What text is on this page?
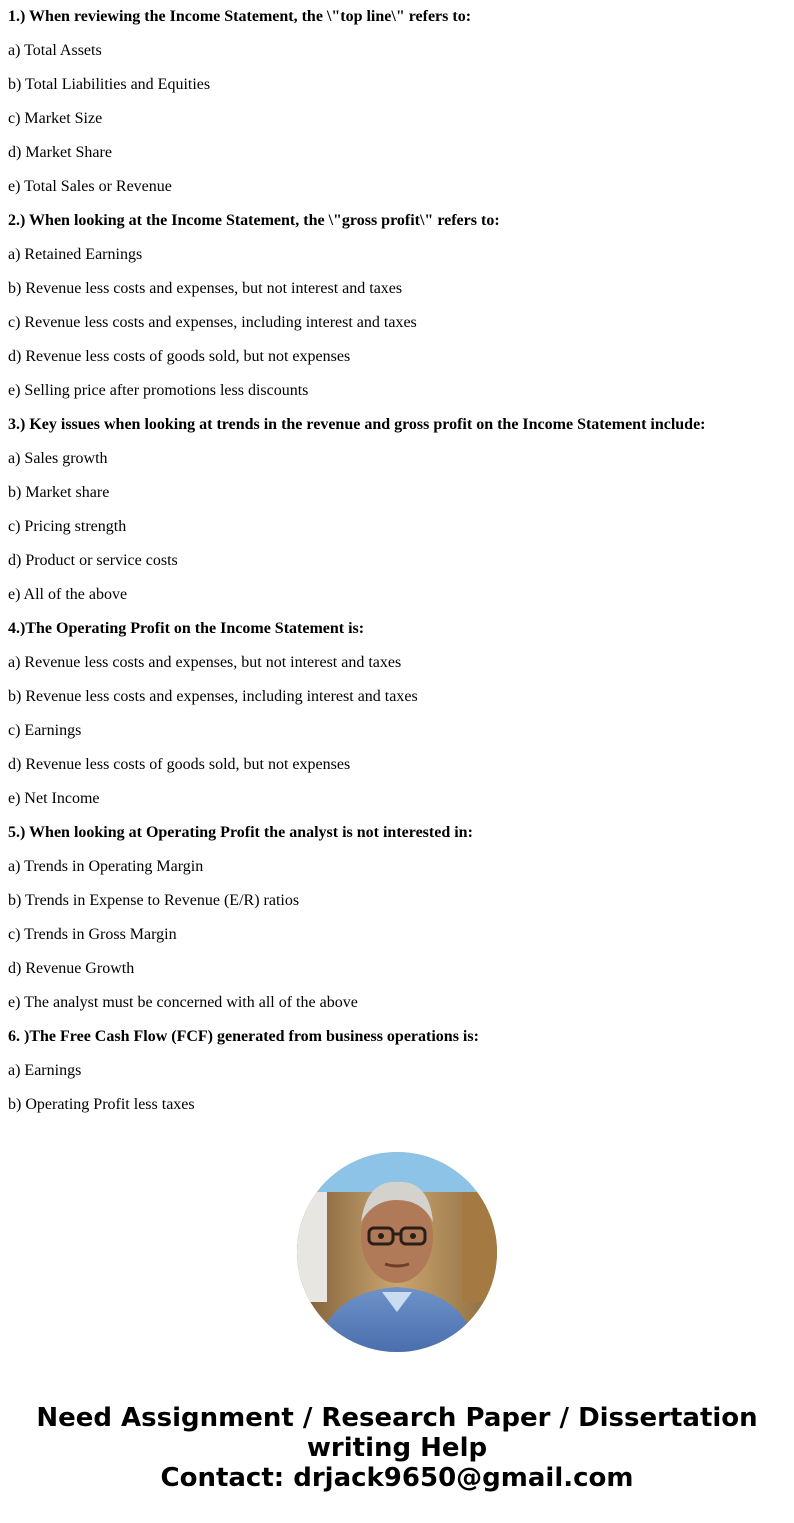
1.) When reviewing the Income Statement, the \"top line\" refers to:
a) Total Assets
b) Total Liabilities and Equities
c) Market Size
d) Market Share
e) Total Sales or Revenue
2.) When looking at the Income Statement, the \"gross profit\" refers to:
a) Retained Earnings
b) Revenue less costs and expenses, but not interest and taxes
c) Revenue less costs and expenses, including interest and taxes
d) Revenue less costs of goods sold, but not expenses
e) Selling price after promotions less discounts
3.) Key issues when looking at trends in the revenue and gross profit on the Income Statement include:
a) Sales growth
b) Market share
c) Pricing strength
d) Product or service costs
e) All of the above
4.)The Operating Profit on the Income Statement is:
a) Revenue less costs and expenses, but not interest and taxes
b) Revenue less costs and expenses, including interest and taxes
c) Earnings
d) Revenue less costs of goods sold, but not expenses
e) Net Income
5.) When looking at Operating Profit the analyst is not interested in:
a) Trends in Operating Margin
b) Trends in Expense to Revenue (E/R) ratios
c) Trends in Gross Margin
d) Revenue Growth
e) The analyst must be concerned with all of the above
6. )The Free Cash Flow (FCF) generated from business operations is:
a) Earnings
b) Operating Profit less taxes
Need Assignment / Research Paper / Dissertation
writing Help
Contact: drjack9650@gmail.com
